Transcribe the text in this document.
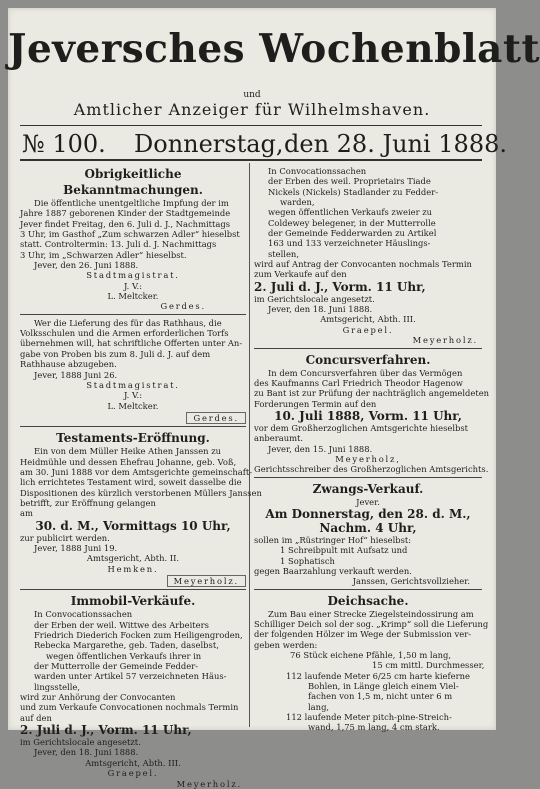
Jeversches Wochenblatt
und
Amtlicher Anzeiger für Wilhelmshaven.
№ 100. Donnerstag, den 28. Juni 1888.
Obrigkeitliche Bekanntmachungen.
Die öffentliche unentgeltliche Impfung der im
Jahre 1887 geborenen Kinder der Stadtgemeinde
Jever findet Freitag, den 6. Juli d. J., Nachmittags
3 Uhr, im Gasthof „Zum schwarzen Adler“ hieselbst
statt. Controltermin: 13. Juli d. J. Nachmittags
3 Uhr, im „Schwarzen Adler“ hieselbst.
Jever, den 26. Juni 1888.
Stadtmagistrat.
J. V.:
L. Meltcker.
Gerdes.
Wer die Lieferung des für das Rathhaus, die
Volksschulen und die Armen erforderlichen Torfs
übernehmen will, hat schriftliche Offerten unter An-
gabe von Proben bis zum 8. Juli d. J. auf dem
Rathhause abzugeben.
Jever, 1888 Juni 26.
Stadtmagistrat.
J. V.:
L. Meltcker.
Gerdes.
Testaments-Eröffnung.
Ein von dem Müller Heike Athen Janssen zu
Heidmühle und dessen Ehefrau Johanne, geb. Voß,
am 30. Juni 1888 vor dem Amtsgerichte gemeinschaft-
lich errichtetes Testament wird, soweit dasselbe die
Dispositionen des kürzlich verstorbenen Müllers Janssen
betrifft, zur Eröffnung gelangen
am
30. d. M., Vormittags 10 Uhr,
zur publicirt werden.
Jever, 1888 Juni 19.
Amtsgericht, Abth. II.
Hemken.
Meyerholz.
Immobil-Verkäufe.
In Convocationssachen
der Erben der weil. Wittwe des Arbeiters
Friedrich Diederich Focken zum Heiligengroden,
Rebecka Margarethe, geb. Taden, daselbst,
wegen öffentlichen Verkaufs ihrer in
der Mutterrolle der Gemeinde Fedder-
warden unter Artikel 57 verzeichneten Häus-
lingsstelle,
wird zur Anhörung der Convocanten
und zum Verkaufe Convocationen nochmals Termin
auf den
2. Juli d. J., Vorm. 11 Uhr,
im Gerichtslocale angesetzt.
Jever, den 18. Juni 1888.
Amtsgericht, Abth. III.
Graepel.
Meyerholz.
In Convocationssachen
der Erben des weil. Proprietairs Tiade
Nickels (Nickels) Stadlander zu Fedder-
warden,
wegen öffentlichen Verkaufs zweier zu
Coldewey belegener, in der Mutterrolle
der Gemeinde Fedderwarden zu Artikel
163 und 133 verzeichneter Häuslings-
stellen,
wird auf Antrag der Convocanten nochmals Termin
zum Verkaufe auf den
2. Juli d. J., Vorm. 11 Uhr,
im Gerichtslocale angesetzt.
Jever, den 18. Juni 1888.
Amtsgericht, Abth. III.
Graepel.
Meyerholz.
Concursverfahren.
In dem Concursverfahren über das Vermögen
des Kaufmanns Carl Friedrich Theodor Hagenow
zu Bant ist zur Prüfung der nachträglich angemeldeten
Forderungen Termin auf den
10. Juli 1888, Vorm. 11 Uhr,
vor dem Großherzoglichen Amtsgerichte hieselbst
anberaumt.
Jever, den 15. Juni 1888.
Meyerholz,
Gerichtsschreiber des Großherzoglichen Amtsgerichts.
Zwangs-Verkauf.
Jever.
Am Donnerstag, den 28. d. M.,
Nachm. 4 Uhr,
sollen im „Rüstringer Hof“ hieselbst:
1 Schreibpult mit Aufsatz und
1 Sophatisch
gegen Baarzahlung verkauft werden.
Janssen, Gerichtsvollzieher.
Deichsache.
Zum Bau einer Strecke Ziegelsteindossirung am
Schilliger Deich sol der sog. „Krimp“ soll die Lieferung
der folgenden Hölzer im Wege der Submission ver-
geben werden:
76 Stück eichene Pfähle, 1,50 m lang,
15 cm mittl. Durchmesser,
112 laufende Meter 6/25 cm harte kieferne
Bohlen, in Länge gleich einem Viel-
fachen von 1,5 m, nicht unter 6 m
lang,
112 laufende Meter pitch-pine-Streich-
wand, 1,75 m lang, 4 cm stark.
